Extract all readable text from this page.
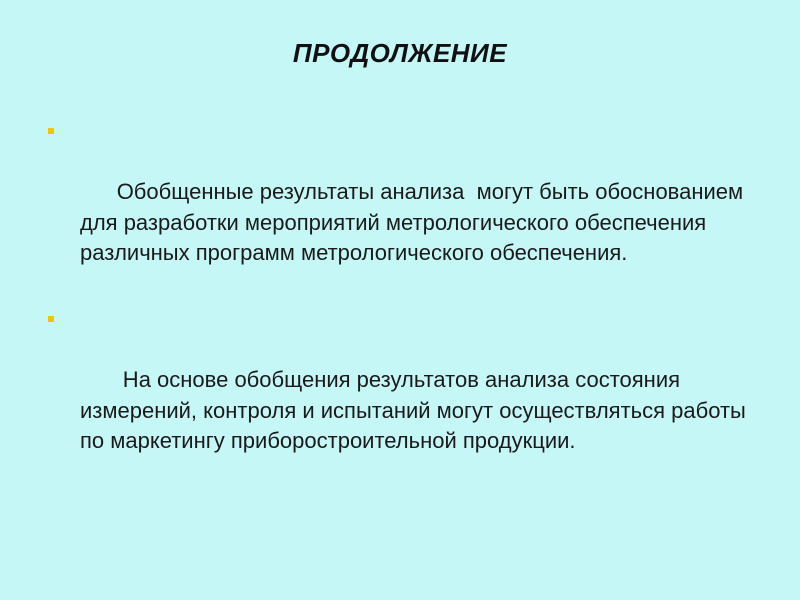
ПРОДОЛЖЕНИЕ

Обобщенные результаты анализа  могут быть обоснованием для разработки мероприятий метрологического обеспечения различных программ метрологического обеспечения.

На основе обобщения результатов анализа состояния измерений, контроля и испытаний могут осуществляться работы по маркетингу приборостроительной продукции.
